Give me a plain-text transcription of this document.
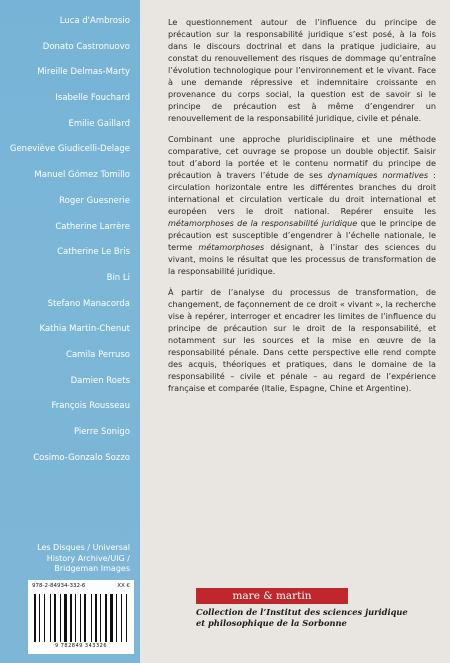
Luca d'Ambrosio
Donato Castronuovo
Mireille Delmas-Marty
Isabelle Fouchard
Emilie Gaillard
Geneviève Giudicelli-Delage
Manuel Gómez Tomillo
Roger Guesnerie
Catherine Larrère
Catherine Le Bris
Bin Li
Stefano Manacorda
Kathia Martin-Chenut
Camila Perruso
Damien Roets
François Rousseau
Pierre Sonigo
Cosimo-Gonzalo Sozzo
Les Disques / Universal
History Archive/UIG /
Bridgeman Images
978-2-84934-332-6	XX €
9 782849 343326

Le questionnement autour de l’influence du principe de précaution sur la responsabilité juridique s’est posé, à la fois dans le discours doctrinal et dans la pratique judiciaire, au constat du renouvellement des risques de dommage qu’entraîne l’évolution technologique pour l’environnement et le vivant. Face à une demande répressive et indemnitaire croissante en provenance du corps social, la question est de savoir si le principe de précaution est à même d’engendrer un renouvellement de la responsabilité juridique, civile et pénale.

Combinant une approche pluridisciplinaire et une méthode comparative, cet ouvrage se propose un double objectif. Saisir tout d’abord la portée et le contenu normatif du principe de précaution à travers l’étude de ses dynamiques normatives : circulation horizontale entre les différentes branches du droit international et circulation verticale du droit international et européen vers le droit national. Repérer ensuite les métamorphoses de la responsabilité juridique que le principe de précaution est susceptible d’engendrer à l’échelle nationale, le terme métamorphoses désignant, à l’instar des sciences du vivant, moins le résultat que les processus de transformation de la responsabilité juridique.

À partir de l’analyse du processus de transformation, de changement, de façonnement de ce droit « vivant », la recherche vise à repérer, interroger et encadrer les limites de l’influence du principe de précaution sur le droit de la responsabilité, et notamment sur les sources et la mise en œuvre de la responsabilité pénale. Dans cette perspective elle rend compte des acquis, théoriques et pratiques, dans le domaine de la responsabilité – civile et pénale – au regard de l’expérience française et comparée (Italie, Espagne, Chine et Argentine).

mare & martin
Collection de l’Institut des sciences juridique
et philosophique de la Sorbonne
